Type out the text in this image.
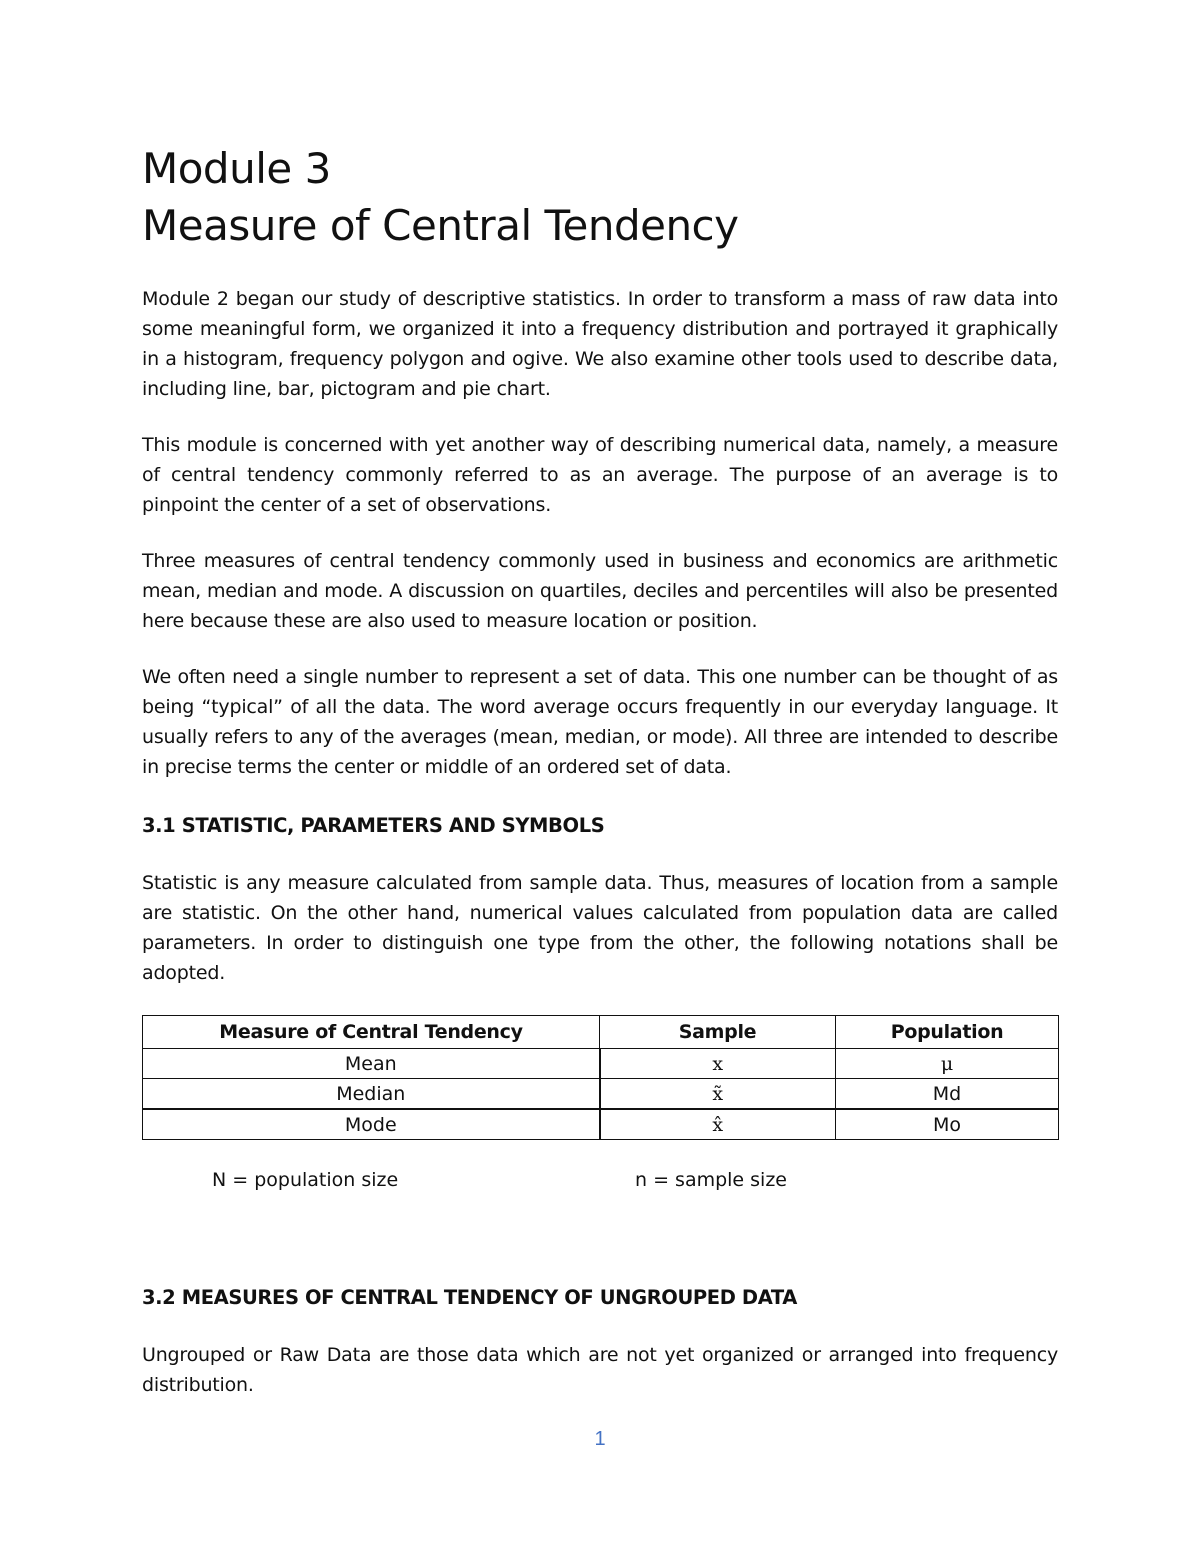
Module 3
Measure of Central Tendency

Module 2 began our study of descriptive statistics. In order to transform a mass of raw data into some meaningful form, we organized it into a frequency distribution and portrayed it graphically in a histogram, frequency polygon and ogive. We also examine other tools used to describe data, including line, bar, pictogram and pie chart.

This module is concerned with yet another way of describing numerical data, namely, a measure of central tendency commonly referred to as an average. The purpose of an average is to pinpoint the center of a set of observations.

Three measures of central tendency commonly used in business and economics are arithmetic mean, median and mode. A discussion on quartiles, deciles and percentiles will also be presented here because these are also used to measure location or position.

We often need a single number to represent a set of data. This one number can be thought of as being “typical” of all the data. The word average occurs frequently in our everyday language. It usually refers to any of the averages (mean, median, or mode). All three are intended to describe in precise terms the center or middle of an ordered set of data.

3.1 STATISTIC, PARAMETERS AND SYMBOLS

Statistic is any measure calculated from sample data. Thus, measures of location from a sample are statistic. On the other hand, numerical values calculated from population data are called parameters. In order to distinguish one type from the other, the following notations shall be adopted.

Measure of Central Tendency	Sample	Population
Mean	x	μ
Median	x̃	Md
Mode	x̂	Mo
N = population size	n = sample size
3.2 MEASURES OF CENTRAL TENDENCY OF UNGROUPED DATA

Ungrouped or Raw Data are those data which are not yet organized or arranged into frequency distribution.

1
